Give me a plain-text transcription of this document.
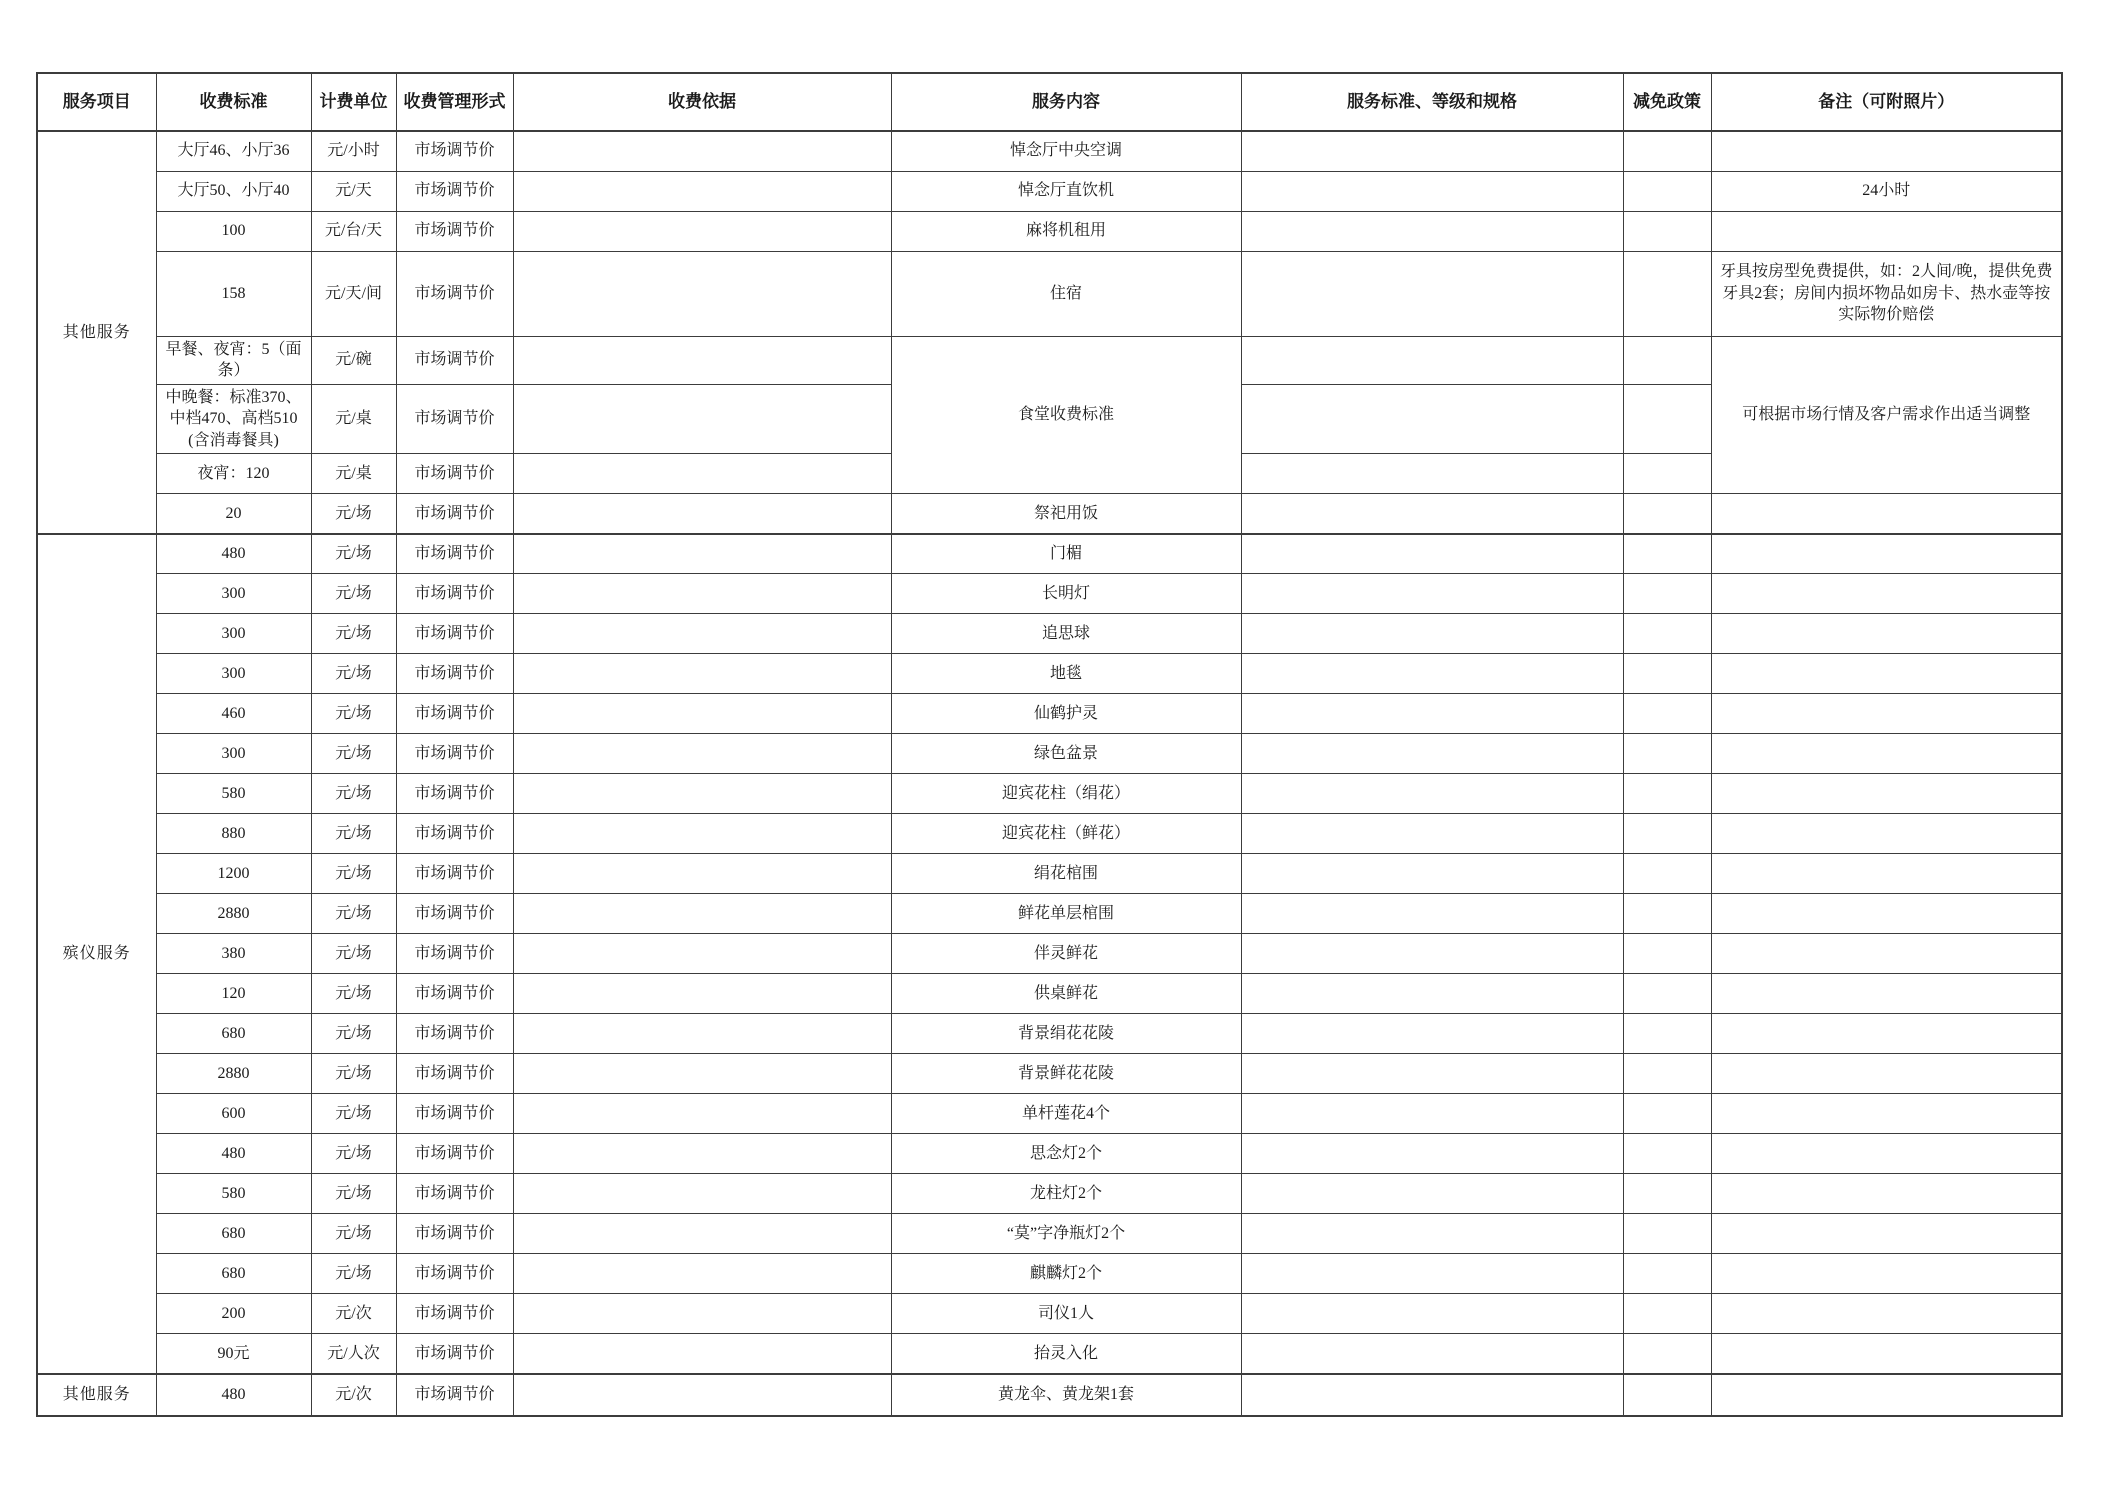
服务项目	收费标准	计费单位	收费管理形式	收费依据	服务内容	服务标准、等级和规格	减免政策	备注（可附照片）
其他服务	大厅46、小厅36	元/小时	市场调节价		悼念厅中央空调			
	大厅50、小厅40	元/天	市场调节价		悼念厅直饮机			24小时
	100	元/台/天	市场调节价		麻将机租用			
	158	元/天/间	市场调节价		住宿			牙具按房型免费提供，如：2人间/晚，提供免费牙具2套；房间内损坏物品如房卡、热水壶等按实际物价赔偿
	早餐、夜宵：5（面条）	元/碗	市场调节价		食堂收费标准			可根据市场行情及客户需求作出适当调整
	中晚餐：标准370、中档470、高档510(含消毒餐具)	元/桌	市场调节价					
	夜宵：120	元/桌	市场调节价					
	20	元/场	市场调节价		祭祀用饭			
殡仪服务	480	元/场	市场调节价		门楣			
	300	元/场	市场调节价		长明灯			
	300	元/场	市场调节价		追思球			
	300	元/场	市场调节价		地毯			
	460	元/场	市场调节价		仙鹤护灵			
	300	元/场	市场调节价		绿色盆景			
	580	元/场	市场调节价		迎宾花柱（绢花）			
	880	元/场	市场调节价		迎宾花柱（鲜花）			
	1200	元/场	市场调节价		绢花棺围			
	2880	元/场	市场调节价		鲜花单层棺围			
	380	元/场	市场调节价		伴灵鲜花			
	120	元/场	市场调节价		供桌鲜花			
	680	元/场	市场调节价		背景绢花花陵			
	2880	元/场	市场调节价		背景鲜花花陵			
	600	元/场	市场调节价		单杆莲花4个			
	480	元/场	市场调节价		思念灯2个			
	580	元/场	市场调节价		龙柱灯2个			
	680	元/场	市场调节价		“莫”字净瓶灯2个			
	680	元/场	市场调节价		麒麟灯2个			
	200	元/次	市场调节价		司仪1人			
	90元	元/人次	市场调节价		抬灵入化			
其他服务	480	元/次	市场调节价		黄龙伞、黄龙架1套			
